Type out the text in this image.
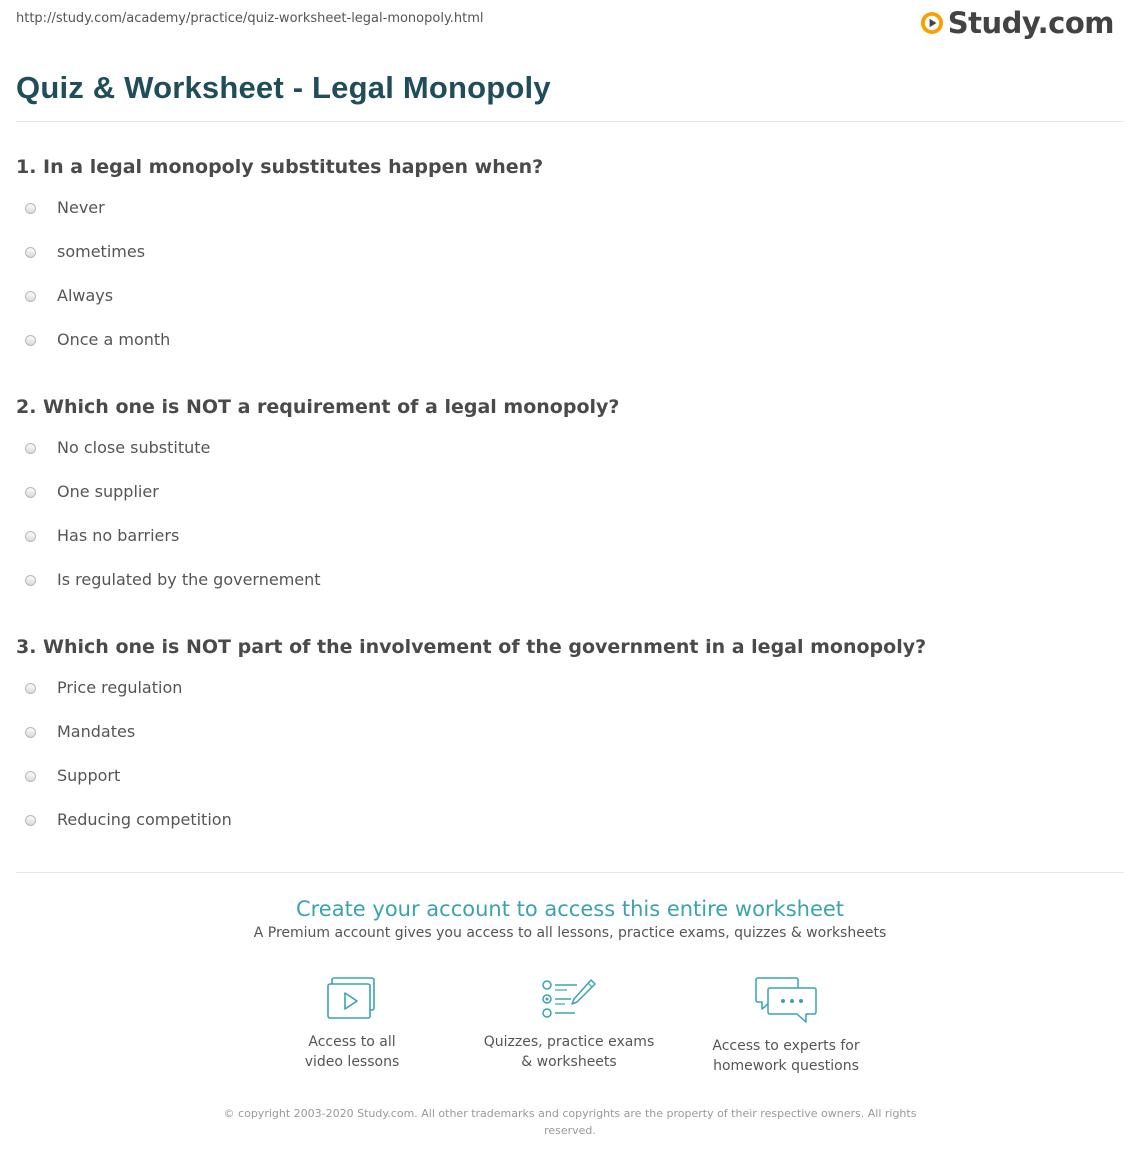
http://study.com/academy/practice/quiz-worksheet-legal-monopoly.html	Study.com
Quiz & Worksheet - Legal Monopoly

1. In a legal monopoly substitutes happen when?

Never
sometimes
Always
Once a month

2. Which one is NOT a requirement of a legal monopoly?

No close substitute
One supplier
Has no barriers
Is regulated by the governement

3. Which one is NOT part of the involvement of the government in a legal monopoly?

Price regulation
Mandates
Support
Reducing competition
Create your account to access this entire worksheet
A Premium account gives you access to all lessons, practice exams, quizzes & worksheets
Access to all
video lessons
Quizzes, practice exams
& worksheets
Access to experts for
homework questions
© copyright 2003-2020 Study.com. All other trademarks and copyrights are the property of their respective owners. All rights
reserved.
